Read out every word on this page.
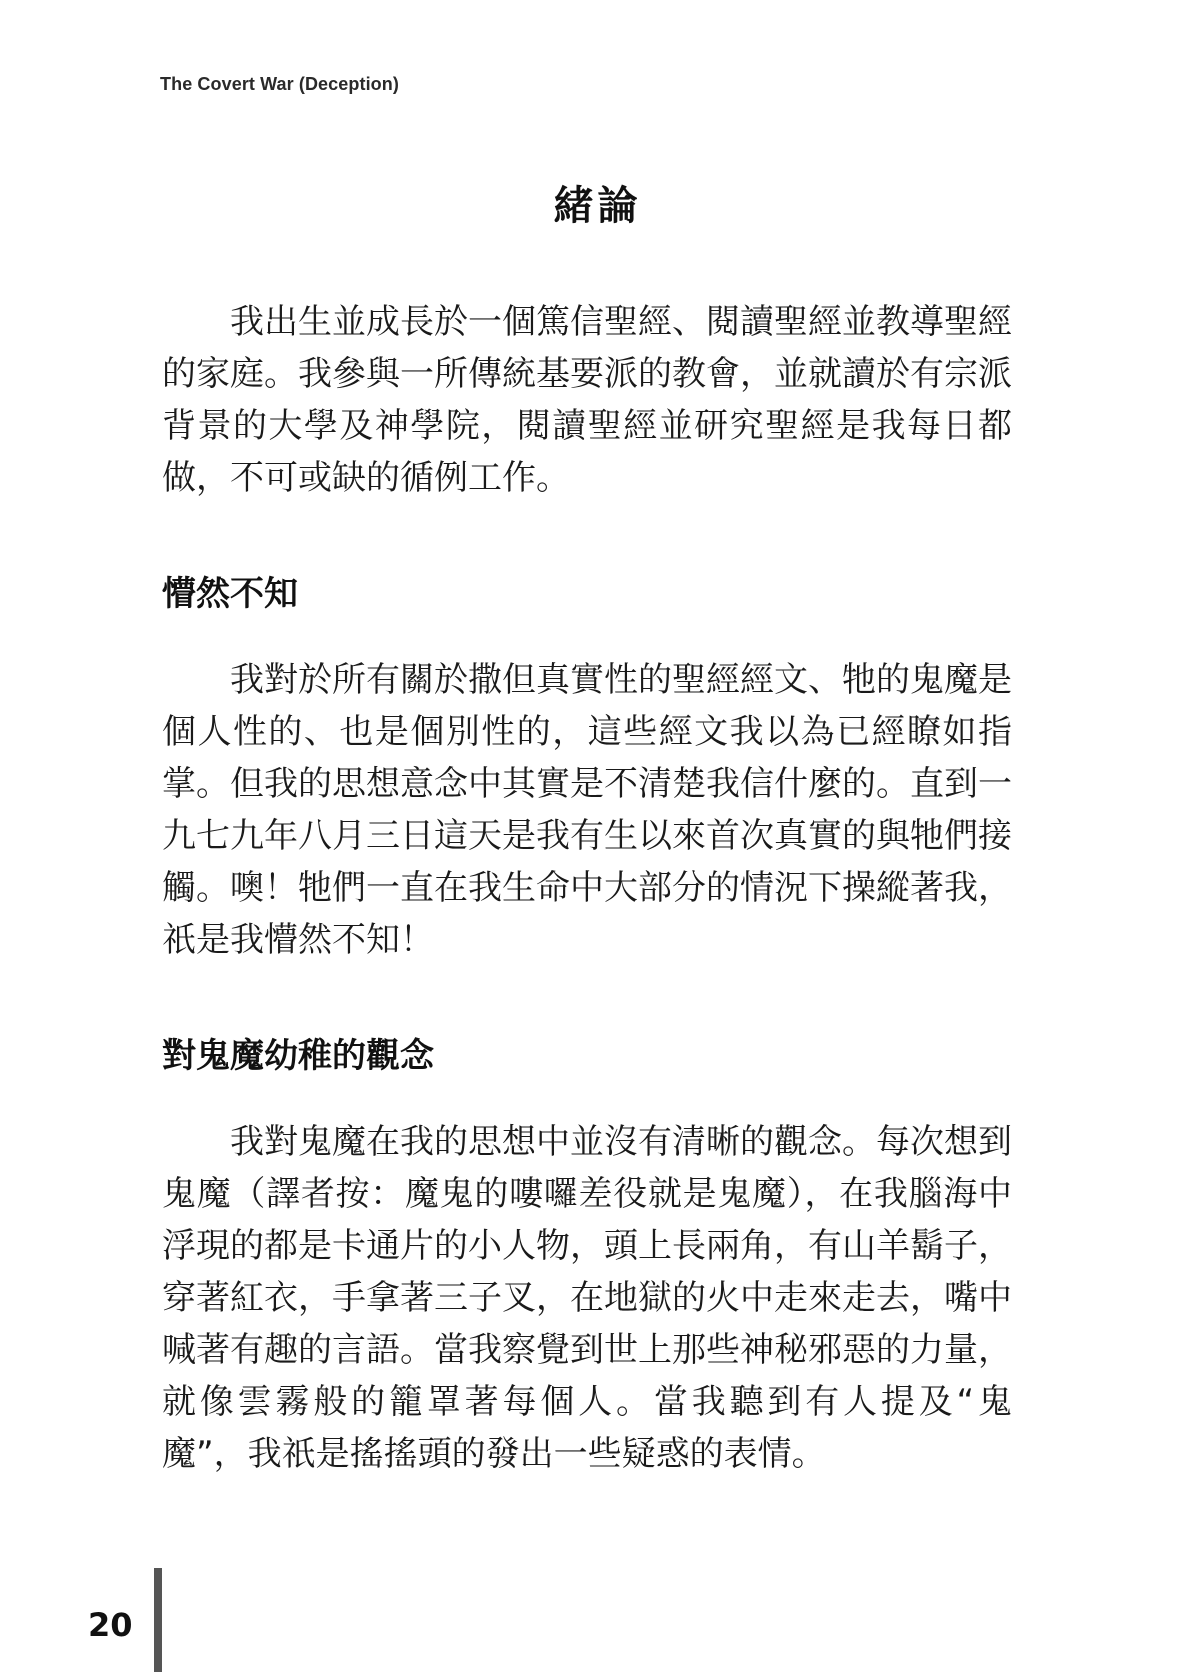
The Covert War (Deception)
緒論

我出生並成長於一個篤信聖經、閱讀聖經並教導聖經的家庭。我參與一所傳統基要派的教會，並就讀於有宗派背景的大學及神學院，閱讀聖經並研究聖經是我每日都做，不可或缺的循例工作。

懵然不知

我對於所有關於撒但真實性的聖經經文、牠的鬼魔是個人性的、也是個別性的，這些經文我以為已經瞭如指掌。但我的思想意念中其實是不清楚我信什麼的。直到一九七九年八月三日這天是我有生以來首次真實的與牠們接觸。噢！牠們一直在我生命中大部分的情況下操縱著我，祇是我懵然不知！

對鬼魔幼稚的觀念

我對鬼魔在我的思想中並沒有清晰的觀念。每次想到鬼魔（譯者按：魔鬼的嘍囉差役就是鬼魔），在我腦海中浮現的都是卡通片的小人物，頭上長兩角，有山羊鬍子，穿著紅衣，手拿著三子叉，在地獄的火中走來走去，嘴中喊著有趣的言語。當我察覺到世上那些神秘邪惡的力量，就像雲霧般的籠罩著每個人。當我聽到有人提及“鬼魔”，我祇是搖搖頭的發出一些疑惑的表情。

20
